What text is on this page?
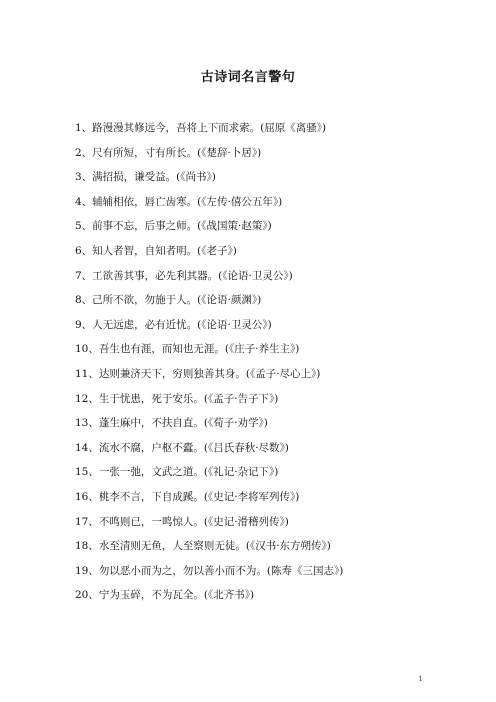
古诗词名言警句
1、路漫漫其修远今，吾将上下而求索。(屈原《离骚》)
2、尺有所短，寸有所长。(《楚辞·卜居》)
3、满招损，谦受益。(《尚书》)
4、辅辅相依，唇亡齿寒。(《左传·僖公五年》)
5、前事不忘，后事之师。(《战国策·赵策》)
6、知人者智，自知者明。(《老子》)
7、工欲善其事，必先利其器。(《论语·卫灵公》)
8、己所不欲，勿施于人。(《论语·颜渊》)
9、人无远虑，必有近忧。(《论语·卫灵公》)
10、吾生也有涯，而知也无涯。(《庄子·养生主》)
11、达则兼济天下，穷则独善其身。(《孟子·尽心上》)
12、生于忧患，死于安乐。(《孟子·告子下》)
13、蓬生麻中，不扶自直。(《荀子·劝学》)
14、流水不腐，户枢不蠹。(《吕氏春秋·尽数》)
15、一张一弛，文武之道。(《礼记·杂记下》)
16、桃李不言，下自成蹊。(《史记·李将军列传》)
17、不鸣则已，一鸣惊人。(《史记·滑稽列传》)
18、水至清则无鱼，人至察则无徒。(《汉书·东方朔传》)
19、勿以恶小而为之，勿以善小而不为。(陈寿《三国志》)
20、宁为玉碎，不为瓦全。(《北齐书》)
1
